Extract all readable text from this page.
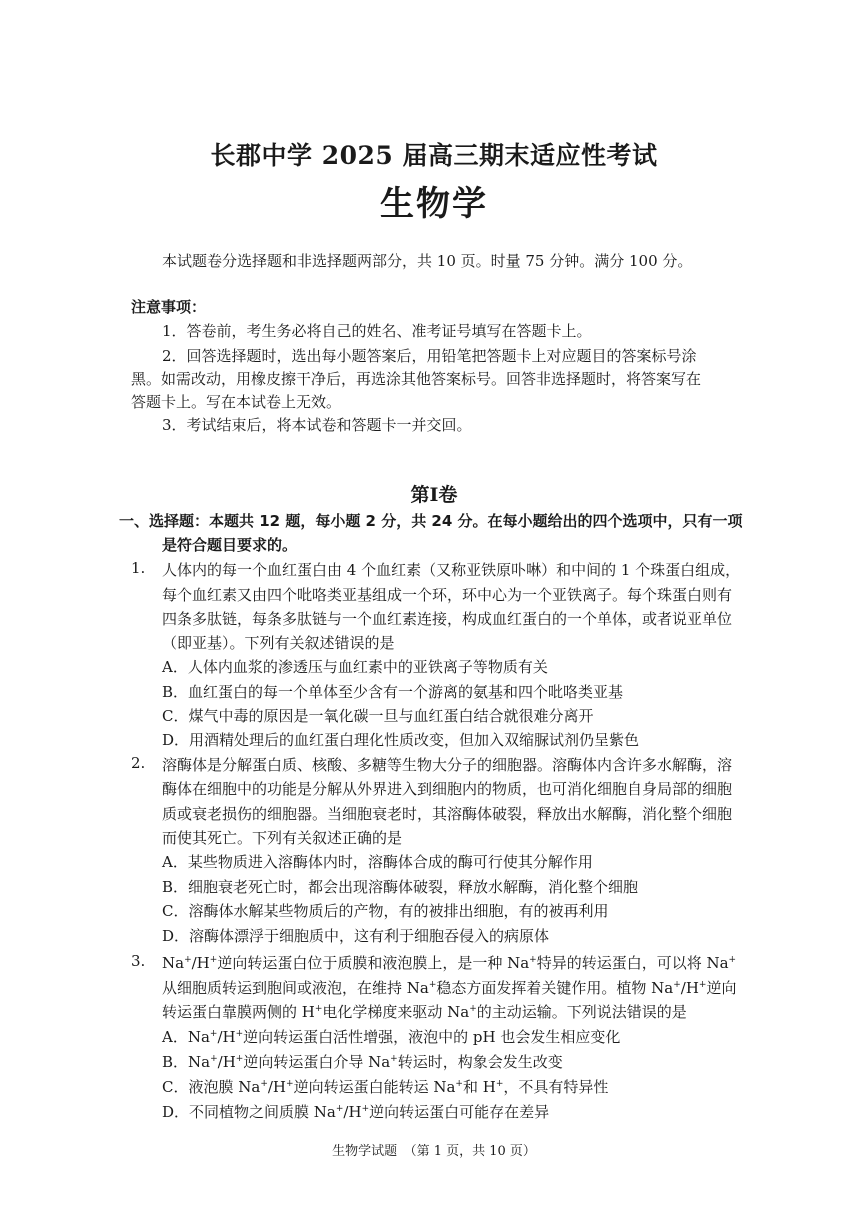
长郡中学 2025 届高三期末适应性考试
生物学
本试题卷分选择题和非选择题两部分，共 10 页。时量 75 分钟。满分 100 分。
注意事项：
1．答卷前，考生务必将自己的姓名、准考证号填写在答题卡上。
2．回答选择题时，选出每小题答案后，用铅笔把答题卡上对应题目的答案标号涂
黑。如需改动，用橡皮擦干净后，再选涂其他答案标号。回答非选择题时，将答案写在
答题卡上。写在本试卷上无效。
3．考试结束后，将本试卷和答题卡一并交回。
第Ⅰ卷
一、选择题：本题共 12 题，每小题 2 分，共 24 分。在每小题给出的四个选项中，只有一项
是符合题目要求的。
1. 人体内的每一个血红蛋白由 4 个血红素（又称亚铁原卟啉）和中间的 1 个珠蛋白组成，
每个血红素又由四个吡咯类亚基组成一个环，环中心为一个亚铁离子。每个珠蛋白则有
四条多肽链，每条多肽链与一个血红素连接，构成血红蛋白的一个单体，或者说亚单位
（即亚基）。下列有关叙述错误的是
A．人体内血浆的渗透压与血红素中的亚铁离子等物质有关
B．血红蛋白的每一个单体至少含有一个游离的氨基和四个吡咯类亚基
C．煤气中毒的原因是一氧化碳一旦与血红蛋白结合就很难分离开
D．用酒精处理后的血红蛋白理化性质改变，但加入双缩脲试剂仍呈紫色
2. 溶酶体是分解蛋白质、核酸、多糖等生物大分子的细胞器。溶酶体内含许多水解酶，溶
酶体在细胞中的功能是分解从外界进入到细胞内的物质，也可消化细胞自身局部的细胞
质或衰老损伤的细胞器。当细胞衰老时，其溶酶体破裂，释放出水解酶，消化整个细胞
而使其死亡。下列有关叙述正确的是
A．某些物质进入溶酶体内时，溶酶体合成的酶可行使其分解作用
B．细胞衰老死亡时，都会出现溶酶体破裂，释放水解酶，消化整个细胞
C．溶酶体水解某些物质后的产物，有的被排出细胞，有的被再利用
D．溶酶体漂浮于细胞质中，这有利于细胞吞侵入的病原体
3. Na+/H+逆向转运蛋白位于质膜和液泡膜上，是一种 Na+特异的转运蛋白，可以将 Na+
从细胞质转运到胞间或液泡，在维持 Na+稳态方面发挥着关键作用。植物 Na+/H+逆向
转运蛋白靠膜两侧的 H+电化学梯度来驱动 Na+的主动运输。下列说法错误的是
A．Na+/H+逆向转运蛋白活性增强，液泡中的 pH 也会发生相应变化
B．Na+/H+逆向转运蛋白介导 Na+转运时，构象会发生改变
C．液泡膜 Na+/H+逆向转运蛋白能转运 Na+和 H+，不具有特异性
D．不同植物之间质膜 Na+/H+逆向转运蛋白可能存在差异
生物学试题　（第 1 页，共 10 页）
